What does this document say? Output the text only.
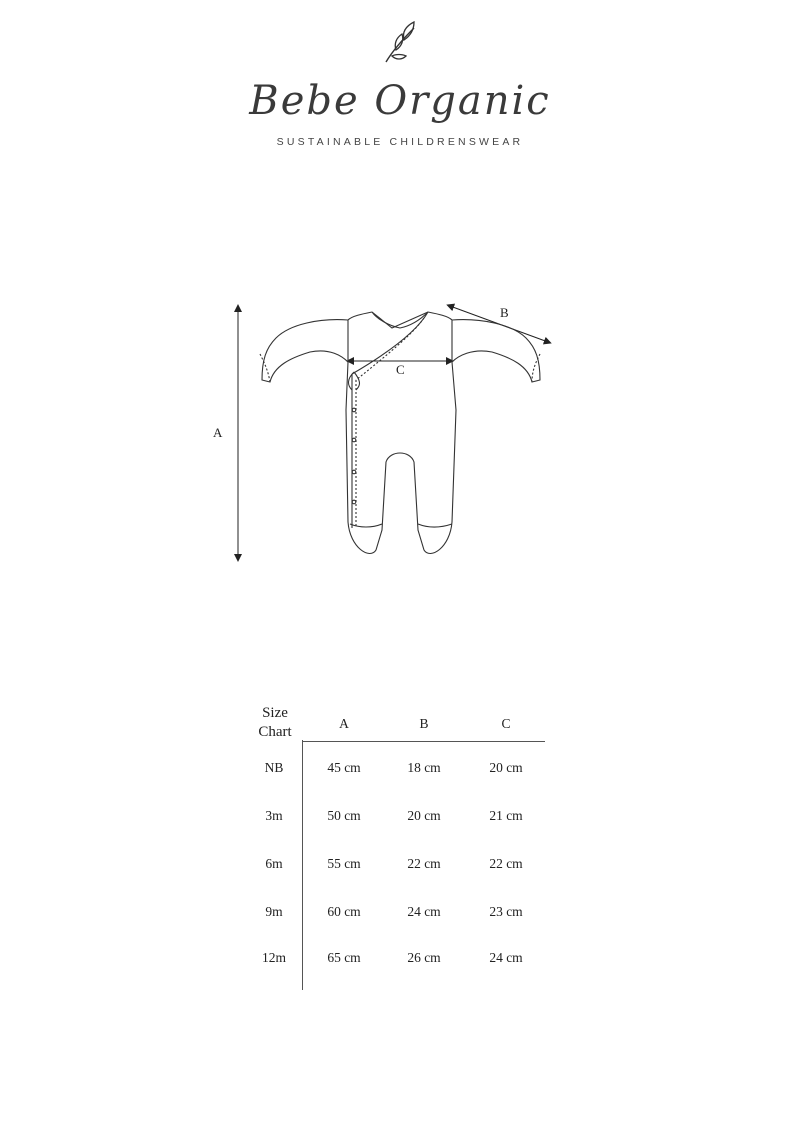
Bebe Organic
SUSTAINABLE CHILDRENSWEAR
A
B
C
Size
Chart
A	B	C
NB	45 cm	18 cm	20 cm
3m	50 cm	20 cm	21 cm
6m	55 cm	22 cm	22 cm
9m	60 cm	24 cm	23 cm
12m	65 cm	26 cm	24 cm
